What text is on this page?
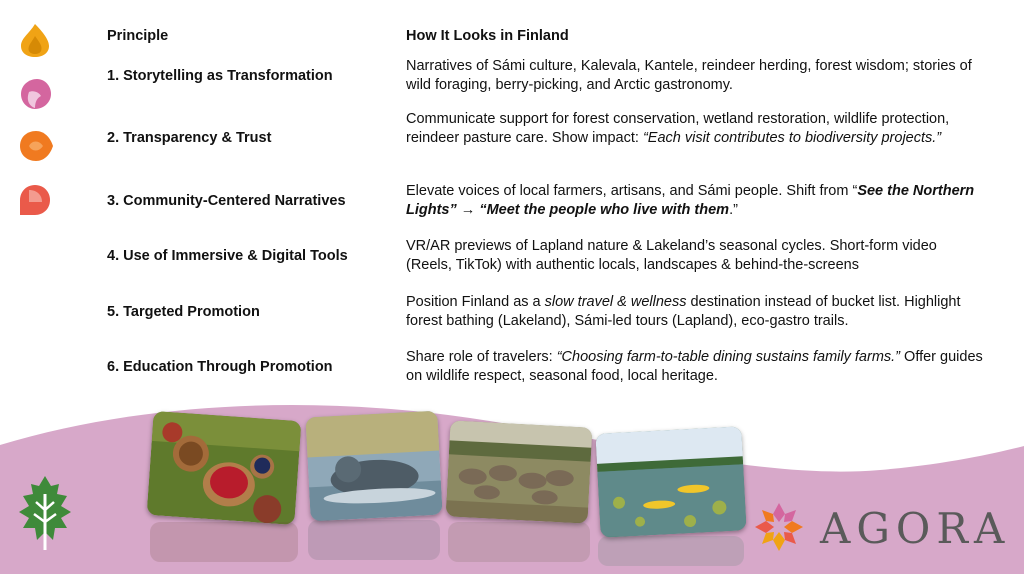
Principle	How It Looks in Finland
1. Storytelling as Transformation
Narratives of Sámi culture, Kalevala, Kantele, reindeer herding, forest wisdom; stories of wild foraging, berry-picking, and Arctic gastronomy.
2. Transparency & Trust
Communicate support for forest conservation, wetland restoration, wildlife protection, reindeer pasture care. Show impact: “Each visit contributes to biodiversity projects.”
3. Community-Centered Narratives
Elevate voices of local farmers, artisans, and Sámi people. Shift from “See the Northern Lights” → “Meet the people who live with them.”
4. Use of Immersive & Digital Tools
VR/AR previews of Lapland nature & Lakeland’s seasonal cycles. Short-form video (Reels, TikTok) with authentic locals, landscapes & behind-the-screens
5. Targeted Promotion
Position Finland as a slow travel & wellness destination instead of bucket list. Highlight forest bathing (Lakeland), Sámi-led tours (Lapland), eco-gastro trails.
6. Education Through Promotion
Share role of travelers: “Choosing farm-to-table dining sustains family farms.” Offer guides on wildlife respect, seasonal food, local heritage.
AGORA
